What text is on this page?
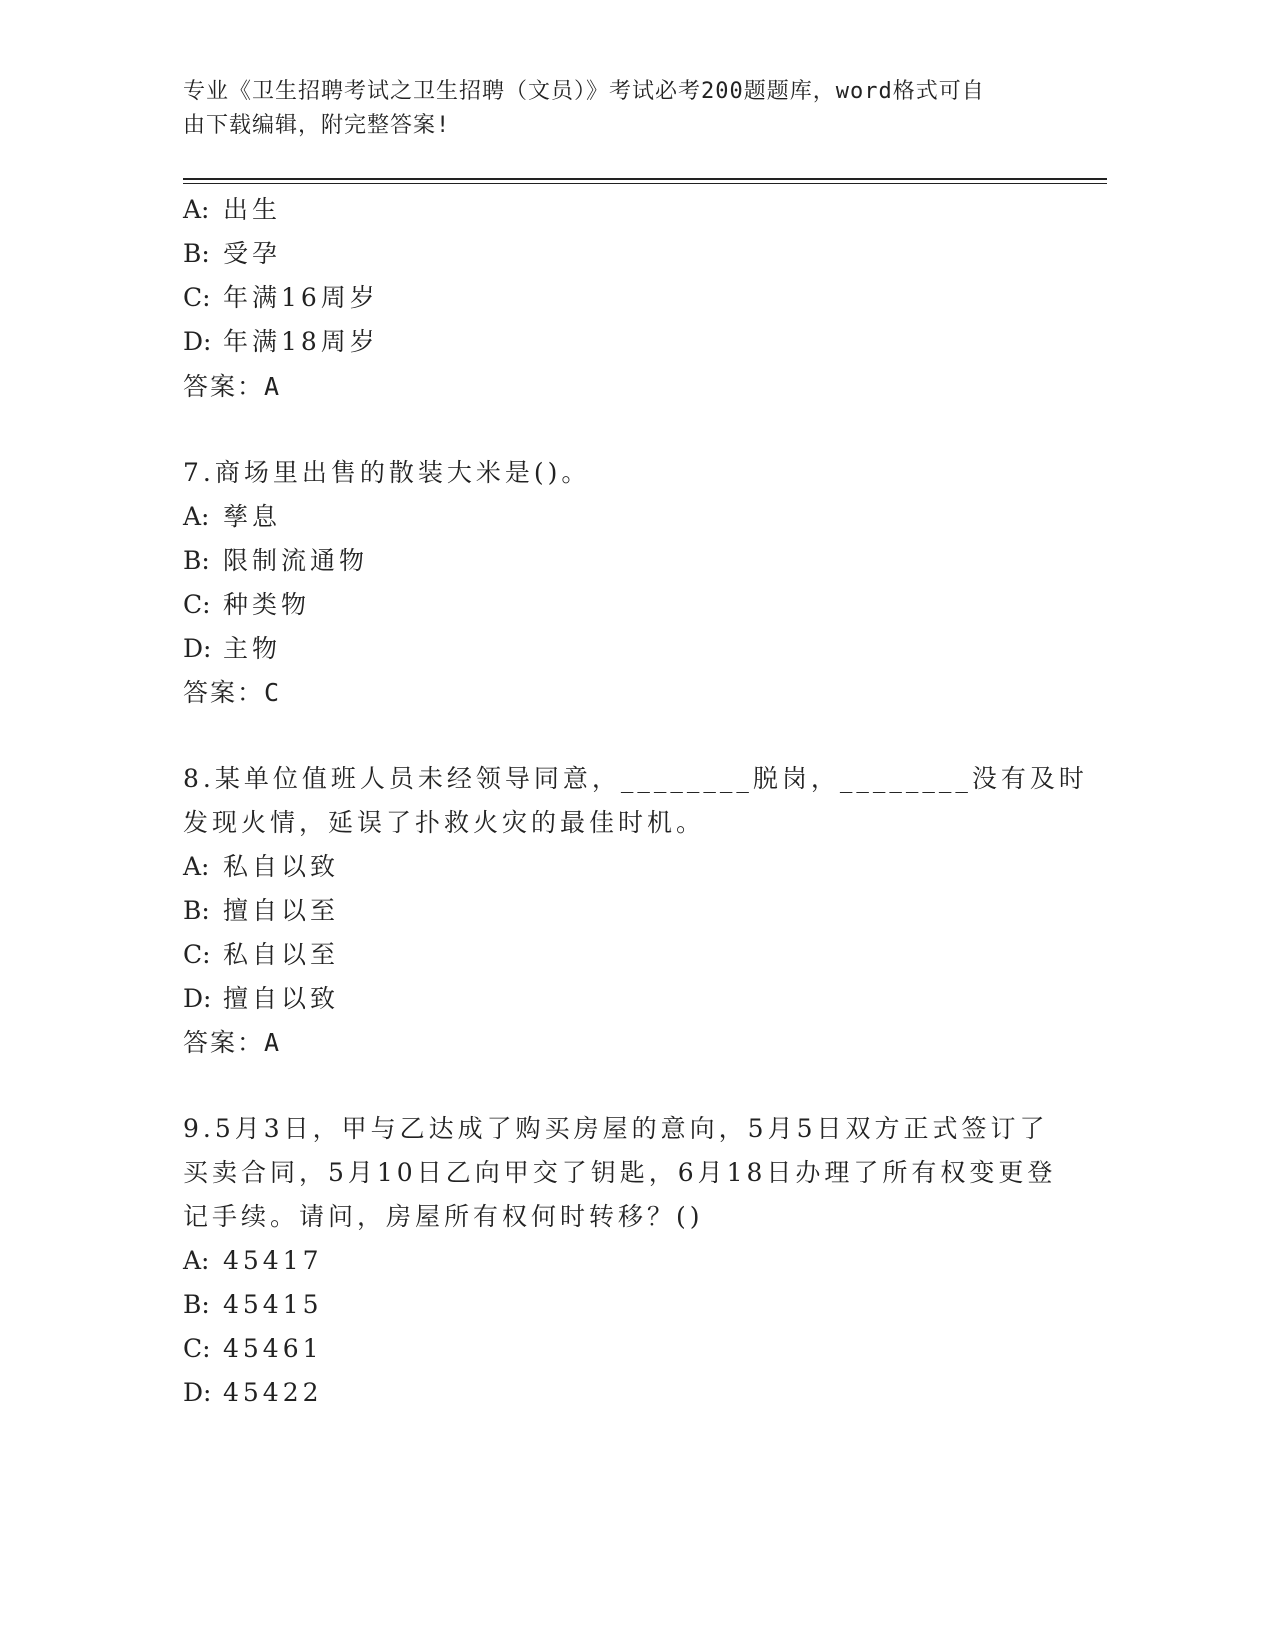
专业《卫生招聘考试之卫生招聘（文员）》考试必考200题题库，word格式可自
由下载编辑，附完整答案!
A: 出生
B: 受孕
C: 年满16周岁
D: 年满18周岁
答案：A
7.商场里出售的散装大米是()。
A: 孳息
B: 限制流通物
C: 种类物
D: 主物
答案：C
8.某单位值班人员未经领导同意，________脱岗，________没有及时
发现火情，延误了扑救火灾的最佳时机。
A: 私自以致
B: 擅自以至
C: 私自以至
D: 擅自以致
答案：A
9.5月3日，甲与乙达成了购买房屋的意向，5月5日双方正式签订了
买卖合同，5月10日乙向甲交了钥匙，6月18日办理了所有权变更登
记手续。请问，房屋所有权何时转移？()
A: 45417
B: 45415
C: 45461
D: 45422
